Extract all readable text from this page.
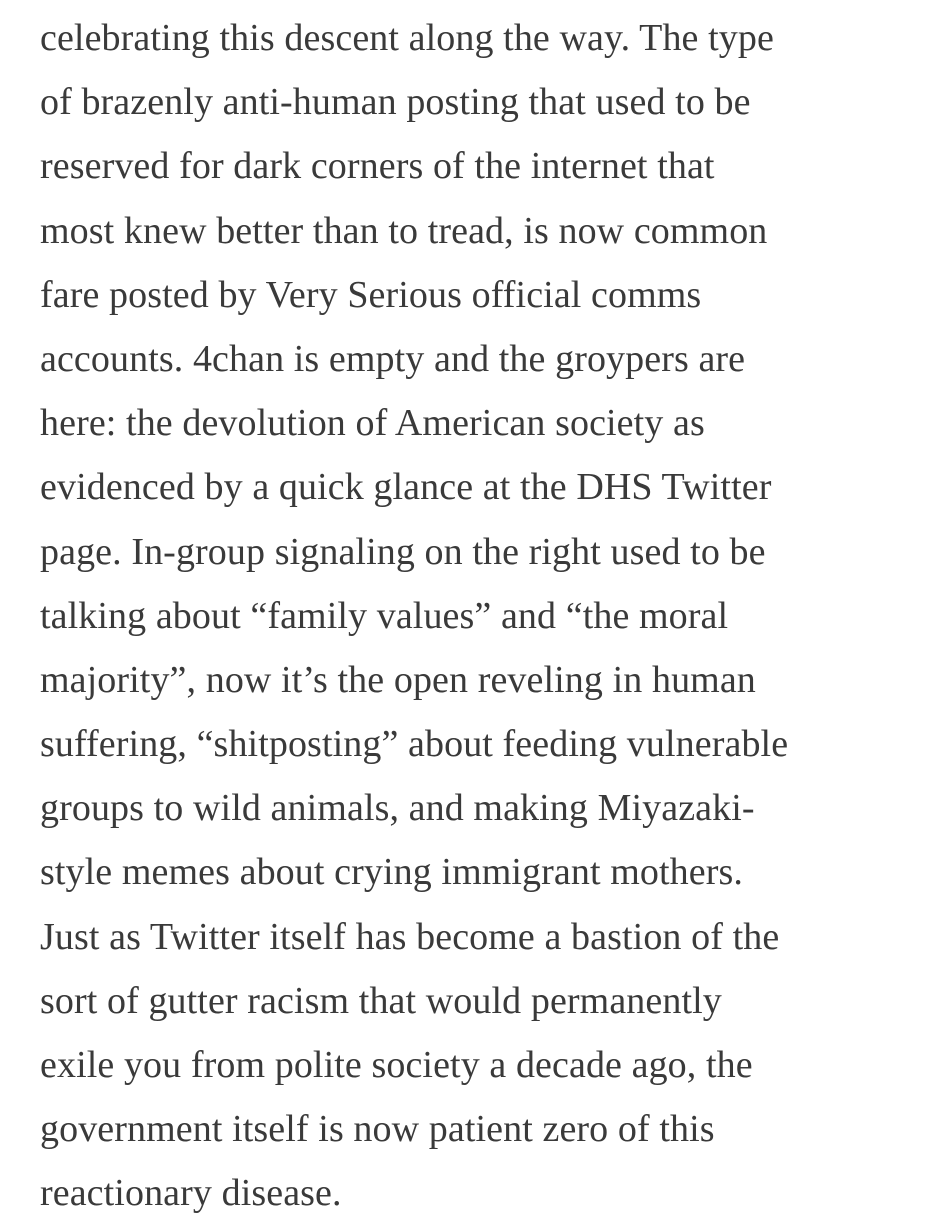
celebrating this descent along the way. The type
of brazenly anti-human posting that used to be
reserved for dark corners of the internet that
most knew better than to tread, is now common
fare posted by Very Serious official comms
accounts. 4chan is empty and the groypers are
here: the devolution of American society as
evidenced by a quick glance at the DHS Twitter
page. In-group signaling on the right used to be
talking about “family values” and “the moral
majority”, now it’s the open reveling in human
suffering, “shitposting” about feeding vulnerable
groups to wild animals, and making Miyazaki-
style memes about crying immigrant mothers.
Just as Twitter itself has become a bastion of the
sort of gutter racism that would permanently
exile you from polite society a decade ago, the
government itself is now patient zero of this
reactionary disease.
